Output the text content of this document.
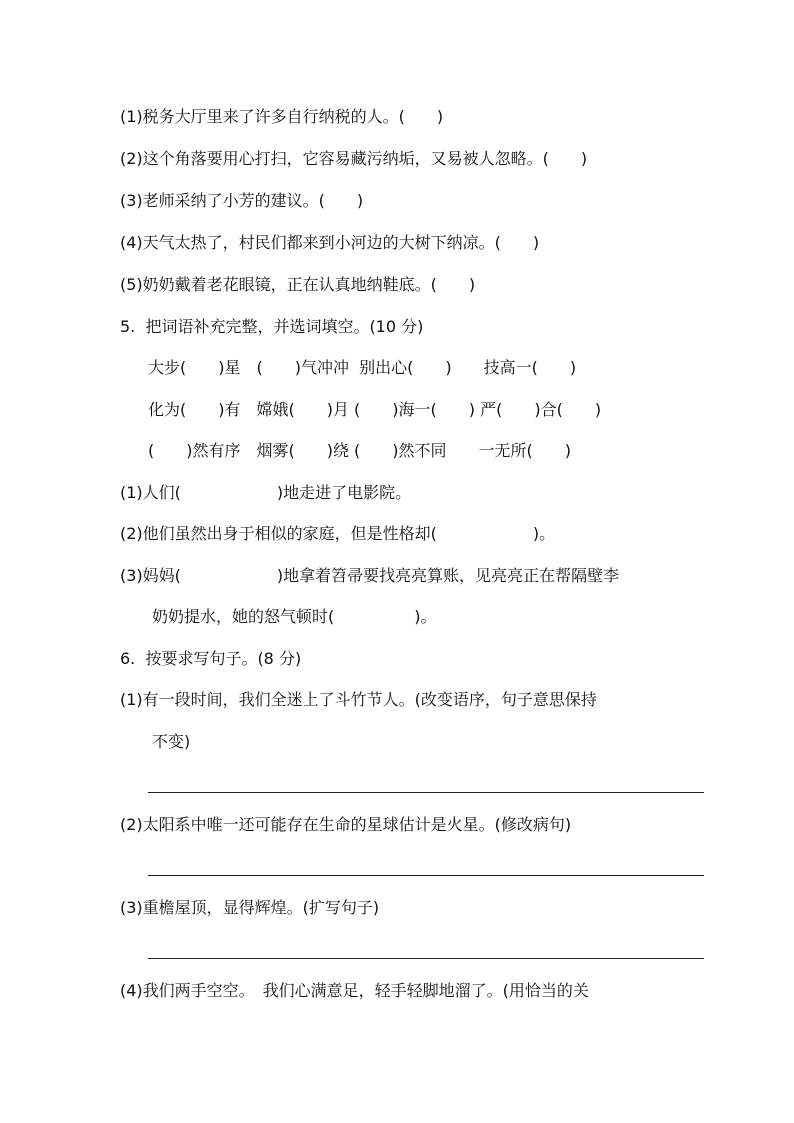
(1)税务大厅里来了许多自行纳税的人。(　　)
(2)这个角落要用心打扫，它容易藏污纳垢，又易被人忽略。(　　)
(3)老师采纳了小芳的建议。(　　)
(4)天气太热了，村民们都来到小河边的大树下纳凉。(　　)
(5)奶奶戴着老花眼镜，正在认真地纳鞋底。(　　)
5.  把词语补充完整，并选词填空。(10 分)
大步(　　)星　(　　)气冲冲  别出心(　　)　　技高一(　　)
化为(　　)有　嫦娥(　　)月 (　　)海一(　　) 严(　　)合(　　)
(　　)然有序　烟雾(　　)绕 (　　)然不同　　一无所(　　)
(1)人们(　　　　　　)地走进了电影院。
(2)他们虽然出身于相似的家庭，但是性格却(　　　　　　)。
(3)妈妈(　　　　　　)地拿着笤帚要找亮亮算账，见亮亮正在帮隔壁李
　　奶奶提水，她的怒气顿时(　　　　　)。
6.  按要求写句子。(8 分)
(1)有一段时间，我们全迷上了斗竹节人。(改变语序，句子意思保持
　　不变)
(2)太阳系中唯一还可能存在生命的星球估计是火星。(修改病句)
(3)重檐屋顶，显得辉煌。(扩写句子)
(4)我们两手空空。　我们心满意足，轻手轻脚地溜了。(用恰当的关
